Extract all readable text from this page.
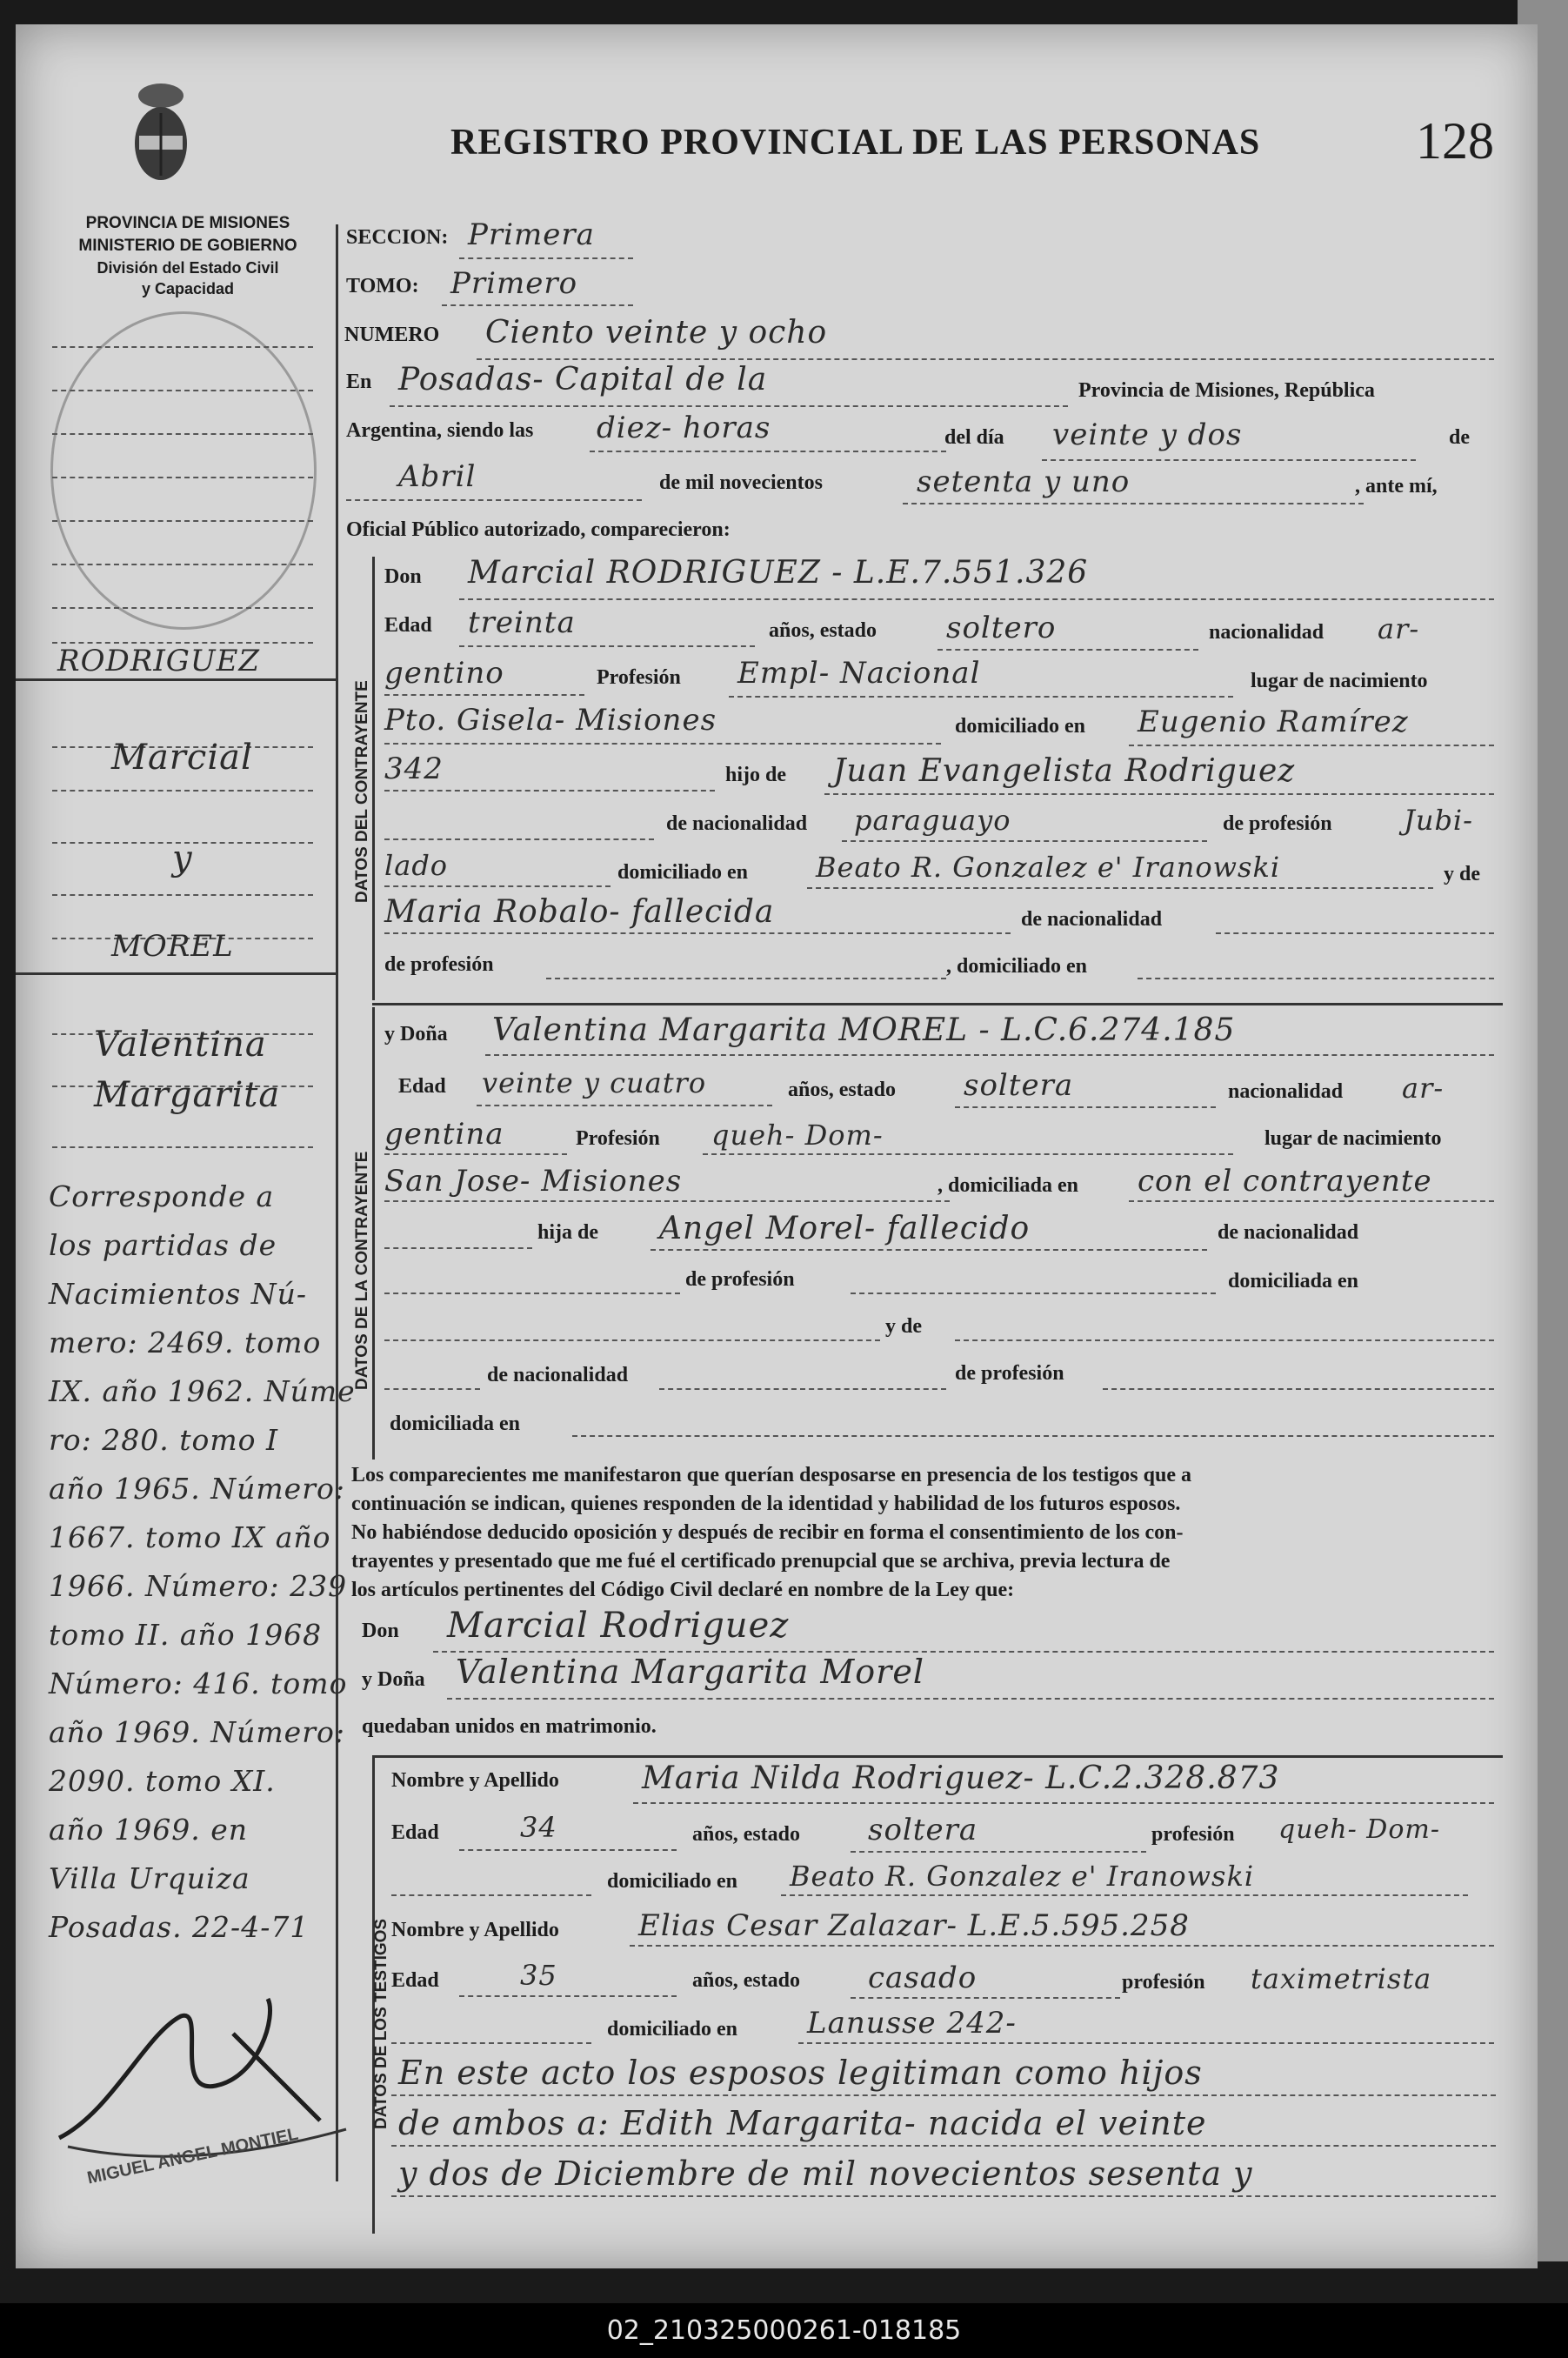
REGISTRO PROVINCIAL DE LAS PERSONAS	128
PROVINCIA DE MISIONES
MINISTERIO DE GOBIERNO
División del Estado Civil
y Capacidad
RODRIGUEZ
Marcial
y
MOREL
Valentina
Margarita
Corresponde a
los partidas de
Nacimientos Nú-
mero: 2469. tomo
IX. año 1962. Núme
ro: 280. tomo I
año 1965. Número:
1667. tomo IX año
1966. Número: 239
tomo II. año 1968
Número: 416. tomo
año 1969. Número:
2090. tomo XI.
año 1969. en
Villa Urquiza
Posadas. 22-4-71
MIGUEL ANGEL MONTIEL
SECCION: Primera
TOMO: Primero
NUMERO Ciento veinte y ocho
En Posadas- Capital de la	Provincia de Misiones, República
Argentina, siendo las diez- horas	del día veinte y dos	de
Abril	de mil novecientos	setenta y uno	, ante mí,
Oficial Público autorizado, comparecieron:
DATOS DEL CONTRAYENTE
Don Marcial RODRIGUEZ - L.E.7.551.326
Edad treinta	años, estado soltero	nacionalidad ar-
gentino	Profesión Empl- Nacional	lugar de nacimiento
Pto. Gisela- Misiones	domiciliado en Eugenio Ramírez
342	hijo de Juan Evangelista Rodriguez
de nacionalidad paraguayo	de profesión	Jubi-
lado	domiciliado en Beato R. Gonzalez e' Iranowski	y de
Maria Robalo- fallecida	de nacionalidad
de profesión	, domiciliado en
DATOS DE LA CONTRAYENTE
y Doña Valentina Margarita MOREL - L.C.6.274.185
Edad veinte y cuatro	años, estado soltera	nacionalidad ar-
gentina	Profesión queh- Dom-	lugar de nacimiento
San Jose- Misiones	, domiciliada en con el contrayente
hija de Angel Morel- fallecido	de nacionalidad
de profesión	domiciliada en
y de
de nacionalidad	de profesión
domiciliada en
Los comparecientes me manifestaron que querían desposarse en presencia de los testigos que a
continuación se indican, quienes responden de la identidad y habilidad de los futuros esposos.
No habiéndose deducido oposición y después de recibir en forma el consentimiento de los con-
trayentes y presentado que me fué el certificado prenupcial que se archiva, previa lectura de
los artículos pertinentes del Código Civil declaré en nombre de la Ley que:
Don Marcial Rodriguez
y Doña Valentina Margarita Morel
quedaban unidos en matrimonio.
DATOS DE LOS TESTIGOS
Nombre y Apellido	Maria Nilda Rodriguez- L.C.2.328.873
Edad	34	años, estado soltera	profesión queh- Dom-
domiciliado en Beato R. Gonzalez e' Iranowski
Nombre y Apellido	Elias Cesar Zalazar- L.E.5.595.258
Edad	35	años, estado casado	profesión taximetrista
domiciliado en Lanusse 242-
En este acto los esposos legitiman como hijos
de ambos a: Edith Margarita- nacida el veinte
y dos de Diciembre de mil novecientos sesenta y
02_210325000261-018185
